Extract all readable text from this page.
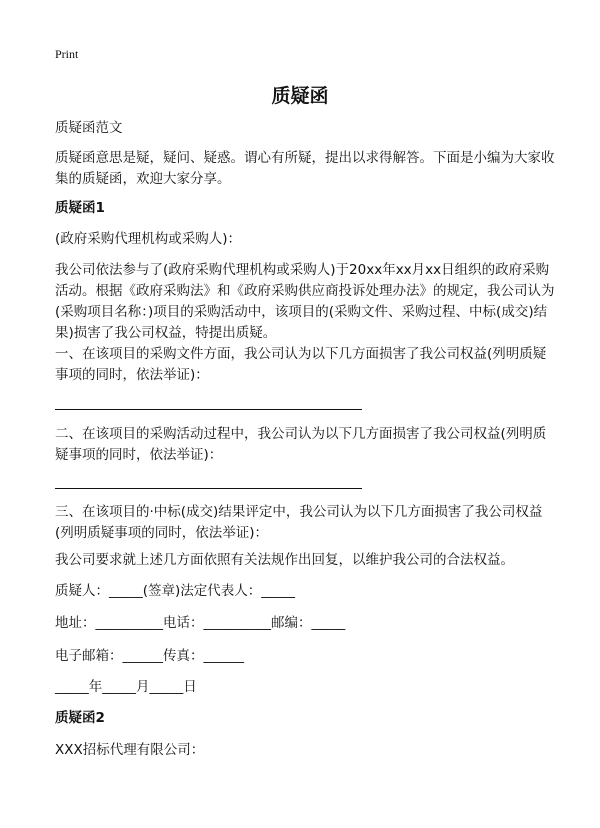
Print
质疑函

质疑函范文

质疑函意思是疑，疑问、疑惑。谓心有所疑，提出以求得解答。下面是小编为大家收集的质疑函，欢迎大家分享。

质疑函1

(政府采购代理机构或采购人)：

我公司依法参与了(政府采购代理机构或采购人)于20xx年xx月xx日组织的政府采购活动。根据《政府采购法》和《政府采购供应商投诉处理办法》的规定，我公司认为(采购项目名称：)项目的采购活动中，该项目的(采购文件、采购过程、中标(成交)结果)损害了我公司权益，特提出质疑。

一、在该项目的采购文件方面，我公司认为以下几方面损害了我公司权益(列明质疑事项的同时，依法举证)：

二、在该项目的采购活动过程中，我公司认为以下几方面损害了我公司权益(列明质疑事项的同时，依法举证)：

三、在该项目的·中标(成交)结果评定中，我公司认为以下几方面损害了我公司权益(列明质疑事项的同时，依法举证)：

我公司要求就上述几方面依照有关法规作出回复，以维护我公司的合法权益。

质疑人：_____(签章)法定代表人：_____

地址：__________电话：__________邮编：_____

电子邮箱：______传真：______

_____年_____月_____日

质疑函2

XXX招标代理有限公司：
